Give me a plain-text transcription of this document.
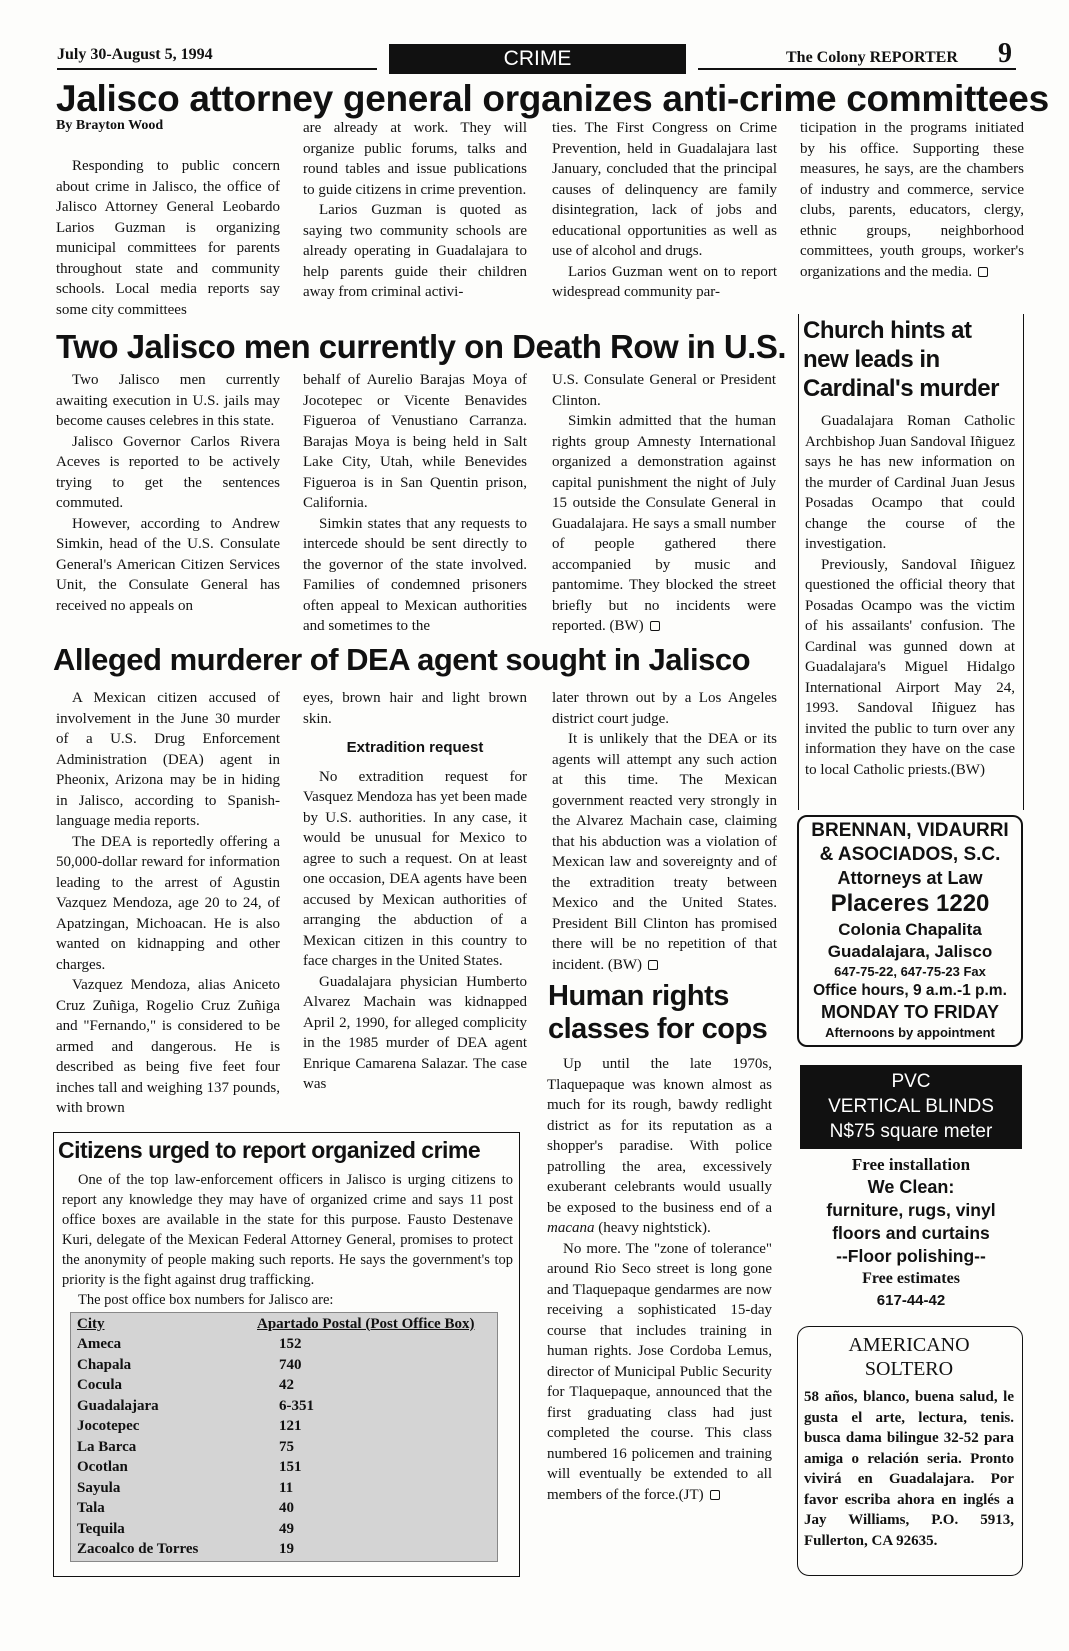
July 30-August 5, 1994	CRIME	The Colony REPORTER 9
Jalisco attorney general organizes anti-crime committees
By Brayton Wood

Responding to public concern about crime in Jalisco, the office of Jalisco Attorney General Leobardo Larios Guzman is organizing municipal committees for parents throughout state and community schools. Local media reports say some city committees

are already at work. They will organize public forums, talks and round tables and issue publications to guide citizens in crime prevention.

Larios Guzman is quoted as saying two community schools are already operating in Guadalajara to help parents guide their children away from criminal activi-

ties. The First Congress on Crime Prevention, held in Guadalajara last January, concluded that the principal causes of delinquency are family disintegration, lack of jobs and educational opportunities as well as use of alcohol and drugs.

Larios Guzman went on to report widespread community par-

ticipation in the programs initiated by his office. Supporting these measures, he says, are the chambers of industry and commerce, service clubs, parents, educators, clergy, ethnic groups, neighborhood committees, youth groups, worker's organizations and the media.

Two Jalisco men currently on Death Row in U.S.

Two Jalisco men currently awaiting execution in U.S. jails may become causes celebres in this state.

Jalisco Governor Carlos Rivera Aceves is reported to be actively trying to get the sentences commuted.

However, according to Andrew Simkin, head of the U.S. Consulate General's American Citizen Services Unit, the Consulate General has received no appeals on

behalf of Aurelio Barajas Moya of Jocotepec or Vicente Benavides Figueroa of Venustiano Carranza. Barajas Moya is being held in Salt Lake City, Utah, while Benevides Figueroa is in San Quentin prison, California.

Simkin states that any requests to intercede should be sent directly to the governor of the state involved. Families of condemned prisoners often appeal to Mexican authorities and sometimes to the

U.S. Consulate General or President Clinton.

Simkin admitted that the human rights group Amnesty International organized a demonstration against capital punishment the night of July 15 outside the Consulate General in Guadalajara. He says a small number of people gathered there accompanied by music and pantomime. They blocked the street briefly but no incidents were reported. (BW)

Church hints at
new leads in
Cardinal's murder

Guadalajara Roman Catholic Archbishop Juan Sandoval Iñiguez says he has new information on the murder of Cardinal Juan Jesus Posadas Ocampo that could change the course of the investigation.

Previously, Sandoval Iñiguez questioned the official theory that Posadas Ocampo was the victim of his assailants' confusion. The Cardinal was gunned down at Guadalajara's Miguel Hidalgo International Airport May 24, 1993. Sandoval Iñiguez has invited the public to turn over any information they have on the case to local Catholic priests.(BW)

Alleged murderer of DEA agent sought in Jalisco

A Mexican citizen accused of involvement in the June 30 murder of a U.S. Drug Enforcement Administration (DEA) agent in Pheonix, Arizona may be in hiding in Jalisco, according to Spanish-language media reports.

The DEA is reportedly offering a 50,000-dollar reward for information leading to the arrest of Agustin Vazquez Mendoza, age 20 to 24, of Apatzingan, Michoacan. He is also wanted on kidnapping and other charges.

Vazquez Mendoza, alias Aniceto Cruz Zuñiga, Rogelio Cruz Zuñiga and "Fernando," is considered to be armed and dangerous. He is described as being five feet four inches tall and weighing 137 pounds, with brown

eyes, brown hair and light brown skin.

Extradition request

No extradition request for Vasquez Mendoza has yet been made by U.S. authorities. In any case, it would be unusual for Mexico to agree to such a request. On at least one occasion, DEA agents have been accused by Mexican authorities of arranging the abduction of a Mexican citizen in this country to face charges in the United States.

Guadalajara physician Humberto Alvarez Machain was kidnapped April 2, 1990, for alleged complicity in the 1985 murder of DEA agent Enrique Camarena Salazar. The case was

later thrown out by a Los Angeles district court judge.

It is unlikely that the DEA or its agents will attempt any such action at this time. The Mexican government reacted very strongly in the Alvarez Machain case, claiming that his abduction was a violation of Mexican law and sovereignty and of the extradition treaty between Mexico and the United States. President Bill Clinton has promised there will be no repetition of that incident. (BW)

Human rights
classes for cops

Up until the late 1970s, Tlaquepaque was known almost as much for its rough, bawdy redlight district as for its reputation as a shopper's paradise. With police patrolling the area, excessively exuberant celebrants would usually be exposed to the business end of a macana (heavy nightstick).

No more. The "zone of tolerance" around Rio Seco street is long gone and Tlaquepaque gendarmes are now receiving a sophisticated 15-day course that includes training in human rights. Jose Cordoba Lemus, director of Municipal Public Security for Tlaquepaque, announced that the first graduating class had just completed the course. This class numbered 16 policemen and training will eventually be extended to all members of the force.(JT)

Citizens urged to report organized crime

One of the top law-enforcement officers in Jalisco is urging citizens to report any knowledge they may have of organized crime and says 11 post office boxes are available in the state for this purpose. Fausto Destenave Kuri, delegate of the Mexican Federal Attorney General, promises to protect the anonymity of people making such reports. He says the government's top priority is the fight against drug trafficking.

The post office box numbers for Jalisco are:

City	Apartado Postal (Post Office Box)
Ameca	152
Chapala	740
Cocula	42
Guadalajara	6-351
Jocotepec	121
La Barca	75
Ocotlan	151
Sayula	11
Tala	40
Tequila	49
Zacoalco de Torres	19
BRENNAN, VIDAURRI
& ASOCIADOS, S.C.
Attorneys at Law
Placeres 1220
Colonia Chapalita
Guadalajara, Jalisco
647-75-22, 647-75-23 Fax
Office hours, 9 a.m.-1 p.m.
MONDAY TO FRIDAY
Afternoons by appointment
PVC
VERTICAL BLINDS
N$75 square meter
Free installation
We Clean:
furniture, rugs, vinyl
floors and curtains
--Floor polishing--
Free estimates
617-44-42
AMERICANO
SOLTERO
58 años, blanco, buena salud, le gusta el arte, lectura, tenis. busca dama bilingue 32-52 para amiga o relación seria. Pronto vivirá en Guadalajara. Por favor escriba ahora en inglés a Jay Williams, P.O. 5913, Fullerton, CA 92635.
